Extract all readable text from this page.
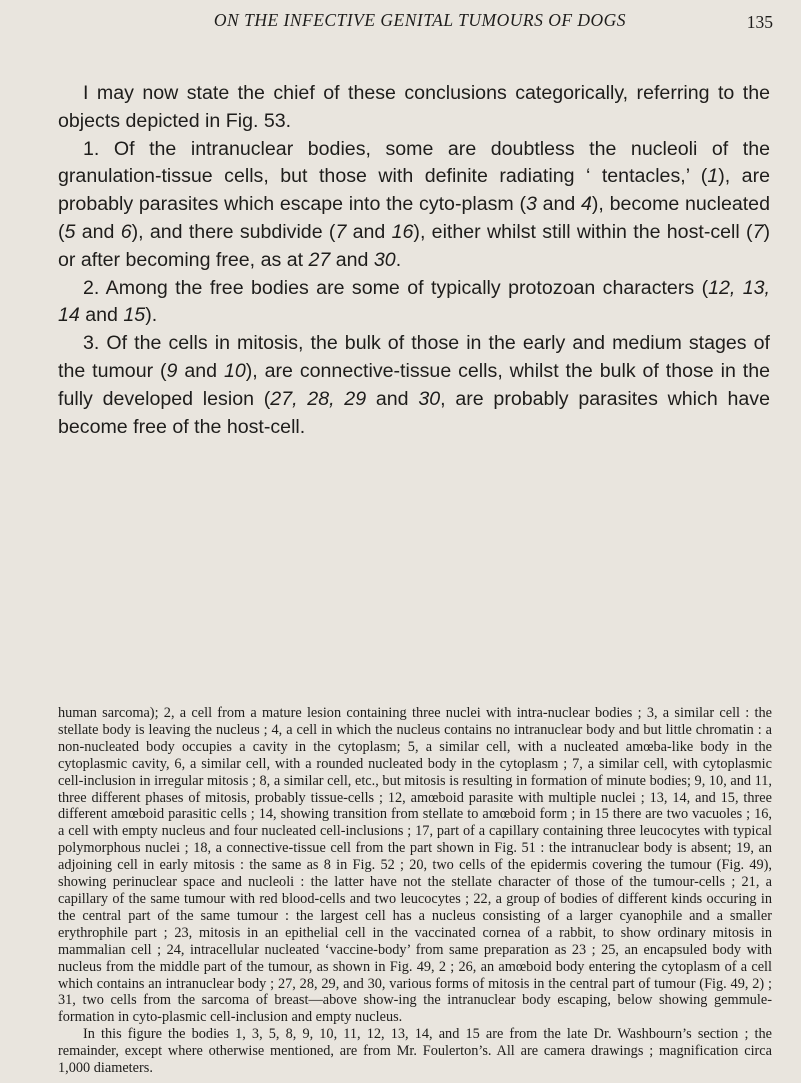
ON THE INFECTIVE GENITAL TUMOURS OF DOGS	135

I may now state the chief of these conclusions categorically, referring to the objects depicted in Fig. 53.

1. Of the intranuclear bodies, some are doubtless the nucleoli of the granulation-tissue cells, but those with definite radiating ‘ tentacles,’ (1), are probably parasites which escape into the cyto-plasm (3 and 4), become nucleated (5 and 6), and there subdivide (7 and 16), either whilst still within the host-cell (7) or after becoming free, as at 27 and 30.

2. Among the free bodies are some of typically protozoan characters (12, 13, 14 and 15).

3. Of the cells in mitosis, the bulk of those in the early and medium stages of the tumour (9 and 10), are connective-tissue cells, whilst the bulk of those in the fully developed lesion (27, 28, 29 and 30, are probably parasites which have become free of the host-cell.

human sarcoma); 2, a cell from a mature lesion containing three nuclei with intra-nuclear bodies ; 3, a similar cell : the stellate body is leaving the nucleus ; 4, a cell in which the nucleus contains no intranuclear body and but little chromatin : a non-nucleated body occupies a cavity in the cytoplasm; 5, a similar cell, with a nucleated amœba-like body in the cytoplasmic cavity, 6, a similar cell, with a rounded nucleated body in the cytoplasm ; 7, a similar cell, with cytoplasmic cell-inclusion in irregular mitosis ; 8, a similar cell, etc., but mitosis is resulting in formation of minute bodies; 9, 10, and 11, three different phases of mitosis, probably tissue-cells ; 12, amœboid parasite with multiple nuclei ; 13, 14, and 15, three different amœboid parasitic cells ; 14, showing transition from stellate to amœboid form ; in 15 there are two vacuoles ; 16, a cell with empty nucleus and four nucleated cell-inclusions ; 17, part of a capillary containing three leucocytes with typical polymorphous nuclei ; 18, a connective-tissue cell from the part shown in Fig. 51 : the intranuclear body is absent; 19, an adjoining cell in early mitosis : the same as 8 in Fig. 52 ; 20, two cells of the epidermis covering the tumour (Fig. 49), showing perinuclear space and nucleoli : the latter have not the stellate character of those of the tumour-cells ; 21, a capillary of the same tumour with red blood-cells and two leucocytes ; 22, a group of bodies of different kinds occuring in the central part of the same tumour : the largest cell has a nucleus consisting of a larger cyanophile and a smaller erythrophile part ; 23, mitosis in an epithelial cell in the vaccinated cornea of a rabbit, to show ordinary mitosis in mammalian cell ; 24, intracellular nucleated ‘vaccine-body’ from same preparation as 23 ; 25, an encapsuled body with nucleus from the middle part of the tumour, as shown in Fig. 49, 2 ; 26, an amœboid body entering the cytoplasm of a cell which contains an intranuclear body ; 27, 28, 29, and 30, various forms of mitosis in the central part of tumour (Fig. 49, 2) ; 31, two cells from the sarcoma of breast—above show-ing the intranuclear body escaping, below showing gemmule-formation in cyto-plasmic cell-inclusion and empty nucleus.

In this figure the bodies 1, 3, 5, 8, 9, 10, 11, 12, 13, 14, and 15 are from the late Dr. Washbourn’s section ; the remainder, except where otherwise mentioned, are from Mr. Foulerton’s. All are camera drawings ; magnification circa 1,000 diameters.
